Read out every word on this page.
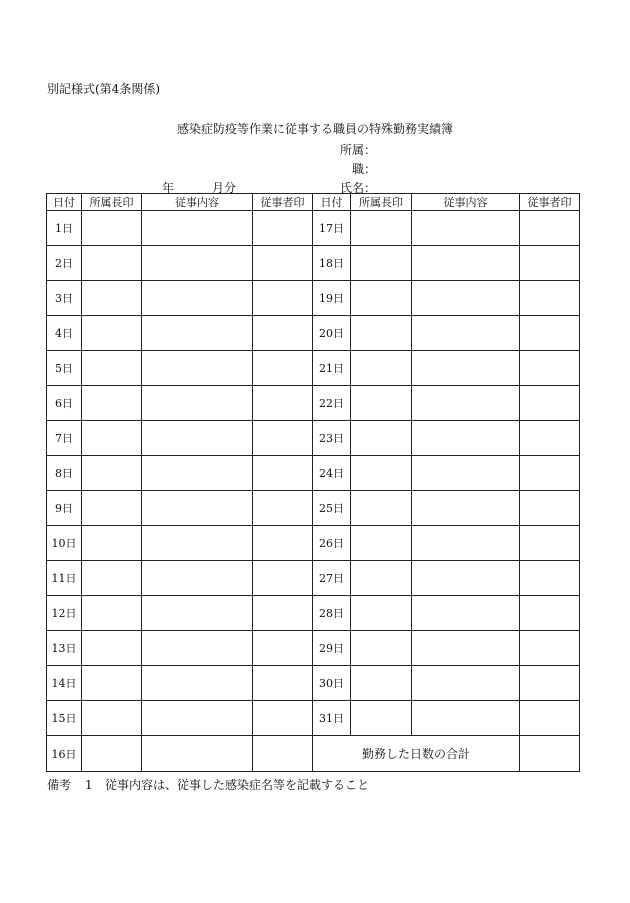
別記様式(第4条関係)
感染症防疫等作業に従事する職員の特殊勤務実績簿
所属：
職：
年	月分	氏名：
日付	所属長印	従事内容	従事者印	日付	所属長印	従事内容	従事者印
1日				17日			
2日				18日			
3日				19日			
4日				20日			
5日				21日			
6日				22日			
7日				23日			
8日				24日			
9日				25日			
10日				26日			
11日				27日			
12日				28日			
13日				29日			
14日				30日			
15日				31日			
16日				勤務した日数の合計			
備考 1 従事内容は、従事した感染症名等を記載すること
